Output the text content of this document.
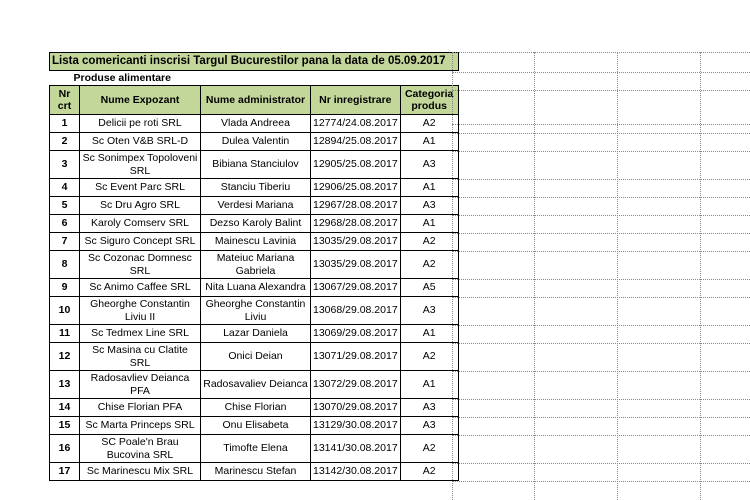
Lista comericanti inscrisi Targul Bucurestilor pana la data de 05.09.2017				
Produse alimentare				
Nr crt	Nume Expozant	Nume administrator	Nr inregistrare	Categoria produs
1	Delicii pe roti SRL	Vlada Andreea	12774/24.08.2017	A2
2	Sc Oten V&B SRL-D	Dulea Valentin	12894/25.08.2017	A1
3	Sc Sonimpex Topoloveni SRL	Bibiana Stanciulov	12905/25.08.2017	A3
4	Sc Event Parc SRL	Stanciu Tiberiu	12906/25.08.2017	A1
5	Sc Dru Agro SRL	Verdesi Mariana	12967/28.08.2017	A3
6	Karoly Comserv SRL	Dezso Karoly Balint	12968/28.08.2017	A1
7	Sc Siguro Concept SRL	Mainescu Lavinia	13035/29.08.2017	A2
8	Sc Cozonac Domnesc SRL	Mateiuc Mariana Gabriela	13035/29.08.2017	A2
9	Sc Animo Caffee SRL	Nita Luana Alexandra	13067/29.08.2017	A5
10	Gheorghe Constantin Liviu II	Gheorghe Constantin Liviu	13068/29.08.2017	A3
11	Sc Tedmex Line SRL	Lazar Daniela	13069/29.08.2017	A1
12	Sc Masina cu Clatite SRL	Onici Deian	13071/29.08.2017	A2
13	Radosavliev Deianca PFA	Radosavaliev Deianca	13072/29.08.2017	A1
14	Chise Florian PFA	Chise Florian	13070/29.08.2017	A3
15	Sc Marta Princeps SRL	Onu Elisabeta	13129/30.08.2017	A3
16	SC Poale'n Brau Bucovina SRL	Timofte Elena	13141/30.08.2017	A2
17	Sc Marinescu Mix SRL	Marinescu Stefan	13142/30.08.2017	A2
